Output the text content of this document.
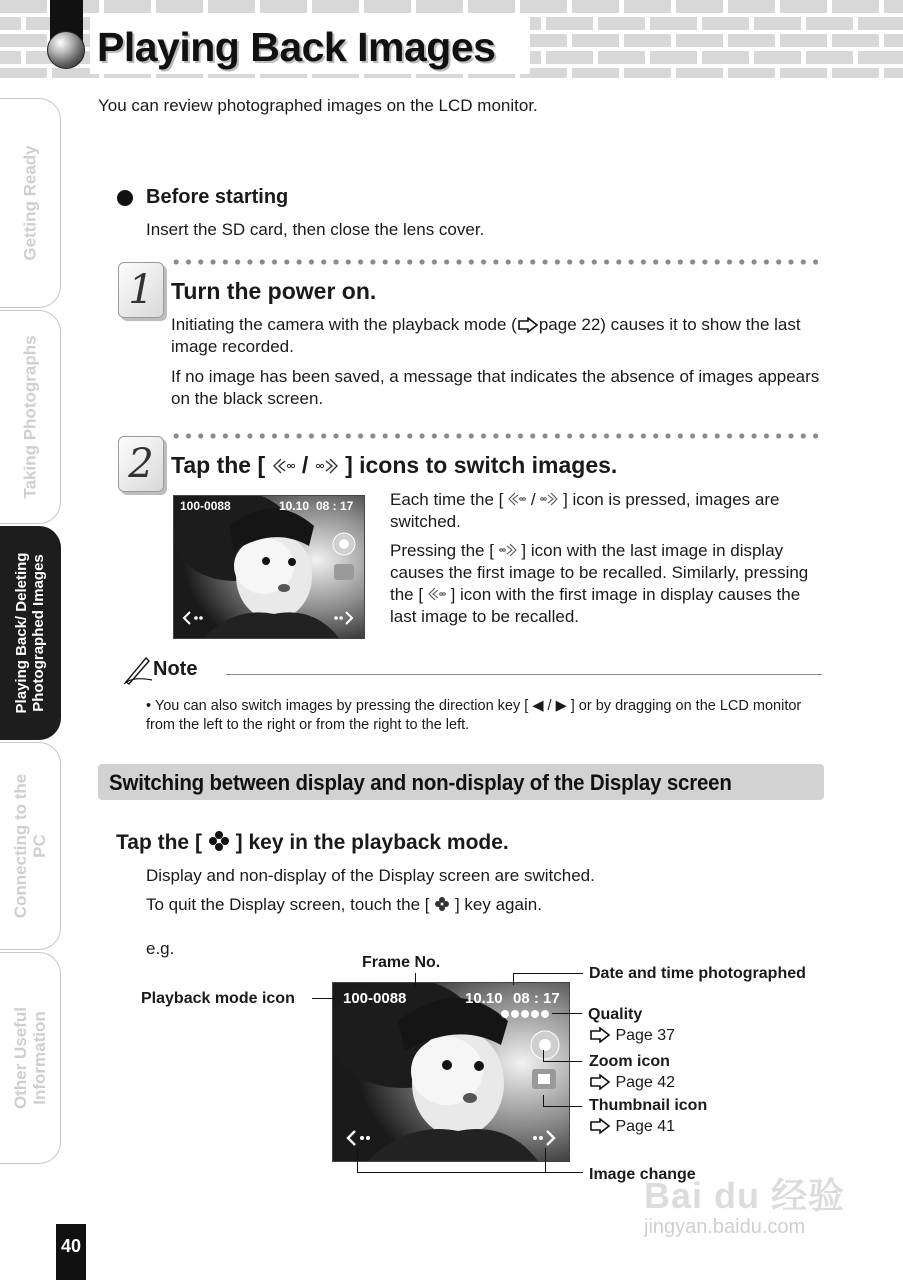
Playing Back Images
You can review photographed images on the LCD monitor.
Getting Ready
Taking Photographs
Playing Back/ Deleting
Photographed Images
Connecting to the
PC
Other Useful
Information
Before starting
Insert the SD card, then close the lens cover.
1 Turn the power on.
Initiating the camera with the playback mode ( page 22) causes it to show the last image recorded.
If no image has been saved, a message that indicates the absence of images appears on the black screen.
2 Tap the [ / ] icons to switch images.
100-0088	10.10 08 : 17 Each time the [ / ] icon is pressed, images are switched.
Pressing the [ ] icon with the last image in display causes the first image to be recalled. Similarly, pressing the [ ] icon with the first image in display causes the last image to be recalled.
Note
• You can also switch images by pressing the direction key [ ◀ / ▶ ] or by dragging on the LCD monitor from the left to the right or from the right to the left.
Switching between display and non-display of the Display screen
Tap the [ ] key in the playback mode.
Display and non-display of the Display screen are switched.
To quit the Display screen, touch the [ ] key again.
e.g.
100-0088	10.10 08 : 17
Frame No.
Date and time photographed
Playback mode icon
Quality
Page 37
Zoom icon
Page 42
Thumbnail icon
Page 41
Image change
Bai du 经验
jingyan.baidu.com
40
